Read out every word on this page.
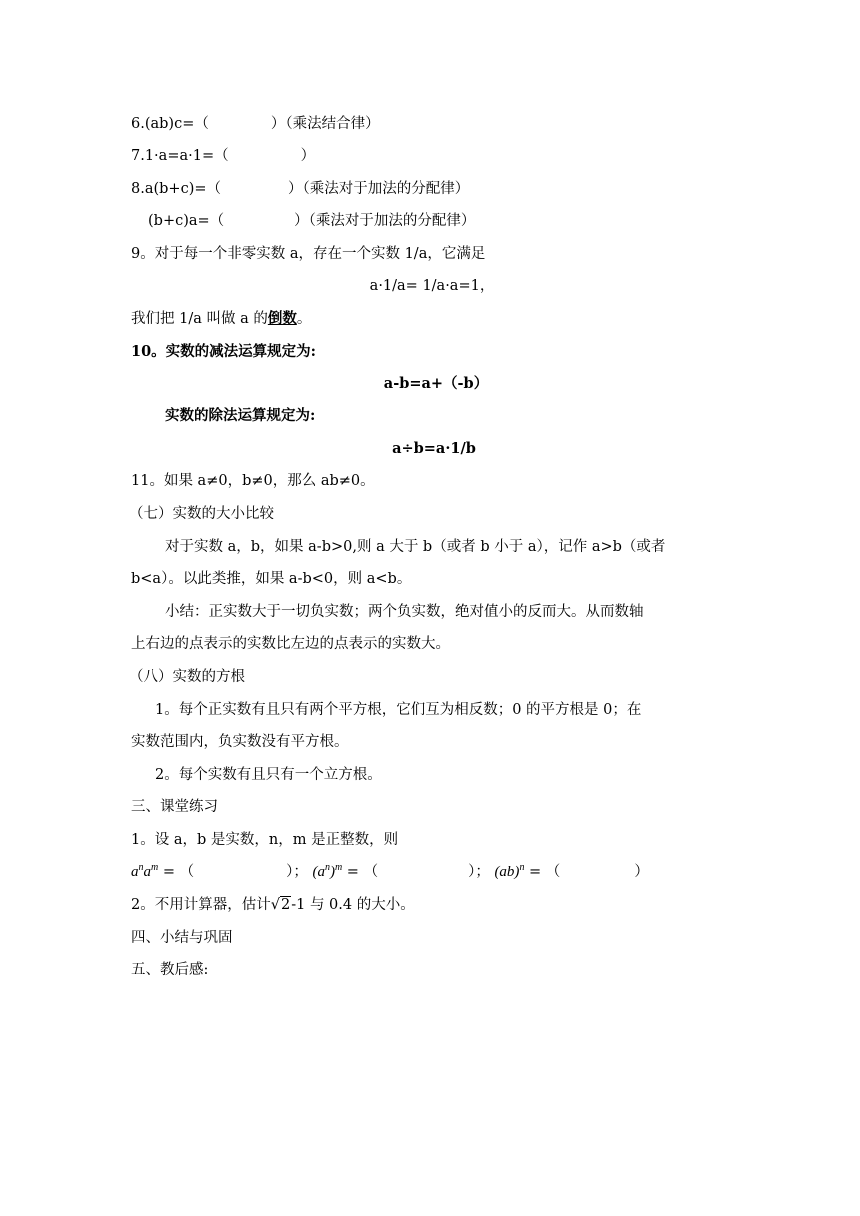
6.(ab)c=（	）（乘法结合律）
7.1·a=a·1=（	）
8.a(b+c)=（	）（乘法对于加法的分配律）
(b+c)a=（	）（乘法对于加法的分配律）
9。对于每一个非零实数 a，存在一个实数 1/a，它满足
a·1/a= 1/a·a=1，
我们把 1/a 叫做 a 的倒数。
10。实数的减法运算规定为:
a-b=a+（-b）
实数的除法运算规定为:
a÷b=a·1/b
11。如果 a≠0，b≠0，那么 ab≠0。
（七）实数的大小比较
对于实数 a，b，如果 a-b>0,则 a 大于 b（或者 b 小于 a），记作 a>b（或者
b<a）。以此类推，如果 a-b<0，则 a<b。
小结：正实数大于一切负实数；两个负实数，绝对值小的反而大。从而数轴
上右边的点表示的实数比左边的点表示的实数大。
（八）实数的方根
1。每个正实数有且只有两个平方根，它们互为相反数；0 的平方根是 0；在
实数范围内，负实数没有平方根。
2。每个实数有且只有一个立方根。
三、课堂练习
1。设 a，b 是实数，n，m 是正整数，则
$a^na^m$ = （	）； $(a^n)^m$ = （	）； (ab)$^n$ = （	）
2。不用计算器，估计√2-1 与 0.4 的大小。
四、小结与巩固
五、教后感:
